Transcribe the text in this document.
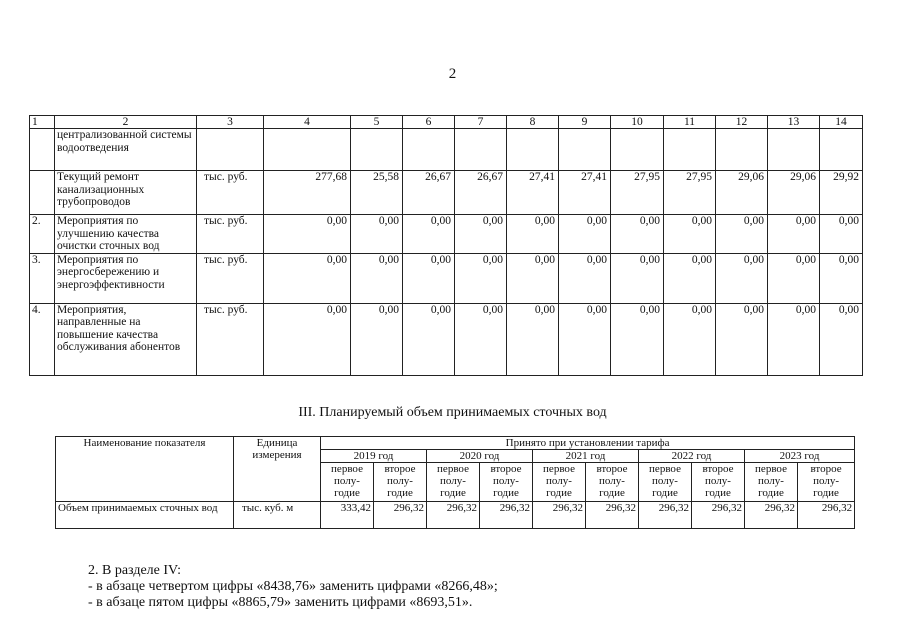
2
1	2	3	4	5	6	7	8	9	10	11	12	13	14
	централизованной системы водоотведения												
	Текущий ремонт канализационных трубопроводов	тыс. руб.	277,68	25,58	26,67	26,67	27,41	27,41	27,95	27,95	29,06	29,06	29,92
2.	Мероприятия по улучшению качества очистки сточных вод	тыс. руб.	0,00	0,00	0,00	0,00	0,00	0,00	0,00	0,00	0,00	0,00	0,00
3.	Мероприятия по энергосбережению и энергоэффективности	тыс. руб.	0,00	0,00	0,00	0,00	0,00	0,00	0,00	0,00	0,00	0,00	0,00
4.	Мероприятия, направленные на повышение качества обслуживания абонентов	тыс. руб.	0,00	0,00	0,00	0,00	0,00	0,00	0,00	0,00	0,00	0,00	0,00
III. Планируемый объем принимаемых сточных вод
Наименование показателя	Единица измерения	Принято при установлении тарифа									
		2019 год		2020 год		2021 год		2022 год		2023 год	
		первое полу- годие	второе полу- годие	первое полу- годие	второе полу- годие	первое полу- годие	второе полу- годие	первое полу- годие	второе полу- годие	первое полу- годие	второе полу- годие
Объем принимаемых сточных вод	тыс. куб. м	333,42	296,32	296,32	296,32	296,32	296,32	296,32	296,32	296,32	296,32
2. В разделе IV:
- в абзаце четвертом цифры «8438,76» заменить цифрами «8266,48»;
- в абзаце пятом цифры «8865,79» заменить цифрами «8693,51».
